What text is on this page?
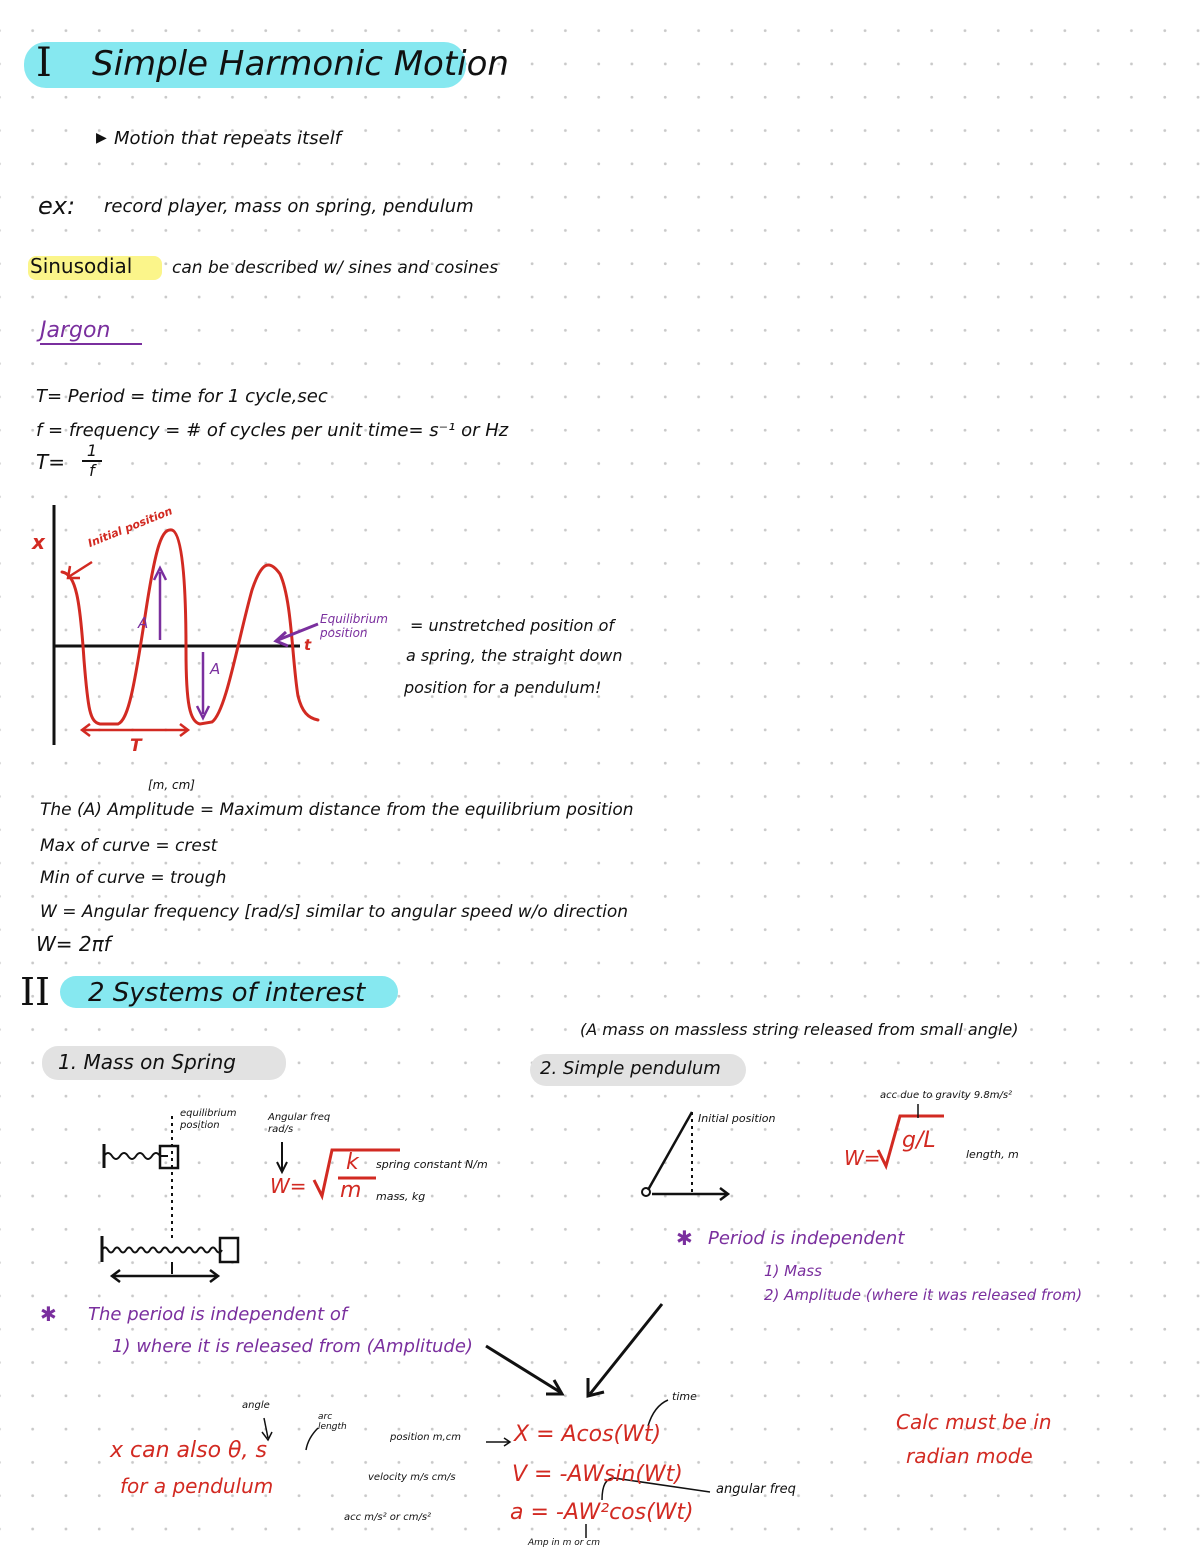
I Simple Harmonic Motion
▶ Motion that repeats itself
ex: record player, mass on spring, pendulum
Sinusodial can be described w/ sines and cosines
Jargon
T= Period = time for 1 cycle,sec
f = frequency = # of cycles per unit time= s⁻¹ or Hz
T=	1
f
x	Initial position
A
A
t
T
Equilibrium position	= unstretched position of
a spring, the straight down
position for a pendulum!
[m, cm]
The (A) Amplitude = Maximum distance from the equilibrium position
Max of curve = crest
Min of curve = trough
W = Angular frequency [rad/s] similar to angular speed w/o direction
W= 2πf
II 2 Systems of interest
1. Mass on Spring	2. Simple pendulum
(A mass on massless string released from small angle)
equilibrium position
Angular freq rad/s
W=
k
m
spring constant N/m
mass, kg
✱ The period is independent of
1) where it is released from (Amplitude)
Initial position
acc due to gravity 9.8m/s²
W=
g/L
length, m
✱ Period is independent
1) Mass
2) Amplitude (where it was released from)
angle
arc length
x can also θ, s
for a pendulum
position m,cm
velocity m/s cm/s
acc m/s² or cm/s²
X = Acos(Wt)
V = -AWsin(Wt)
a = -AW²cos(Wt)
time
angular freq
Amp in m or cm
Calc must be in
radian mode
